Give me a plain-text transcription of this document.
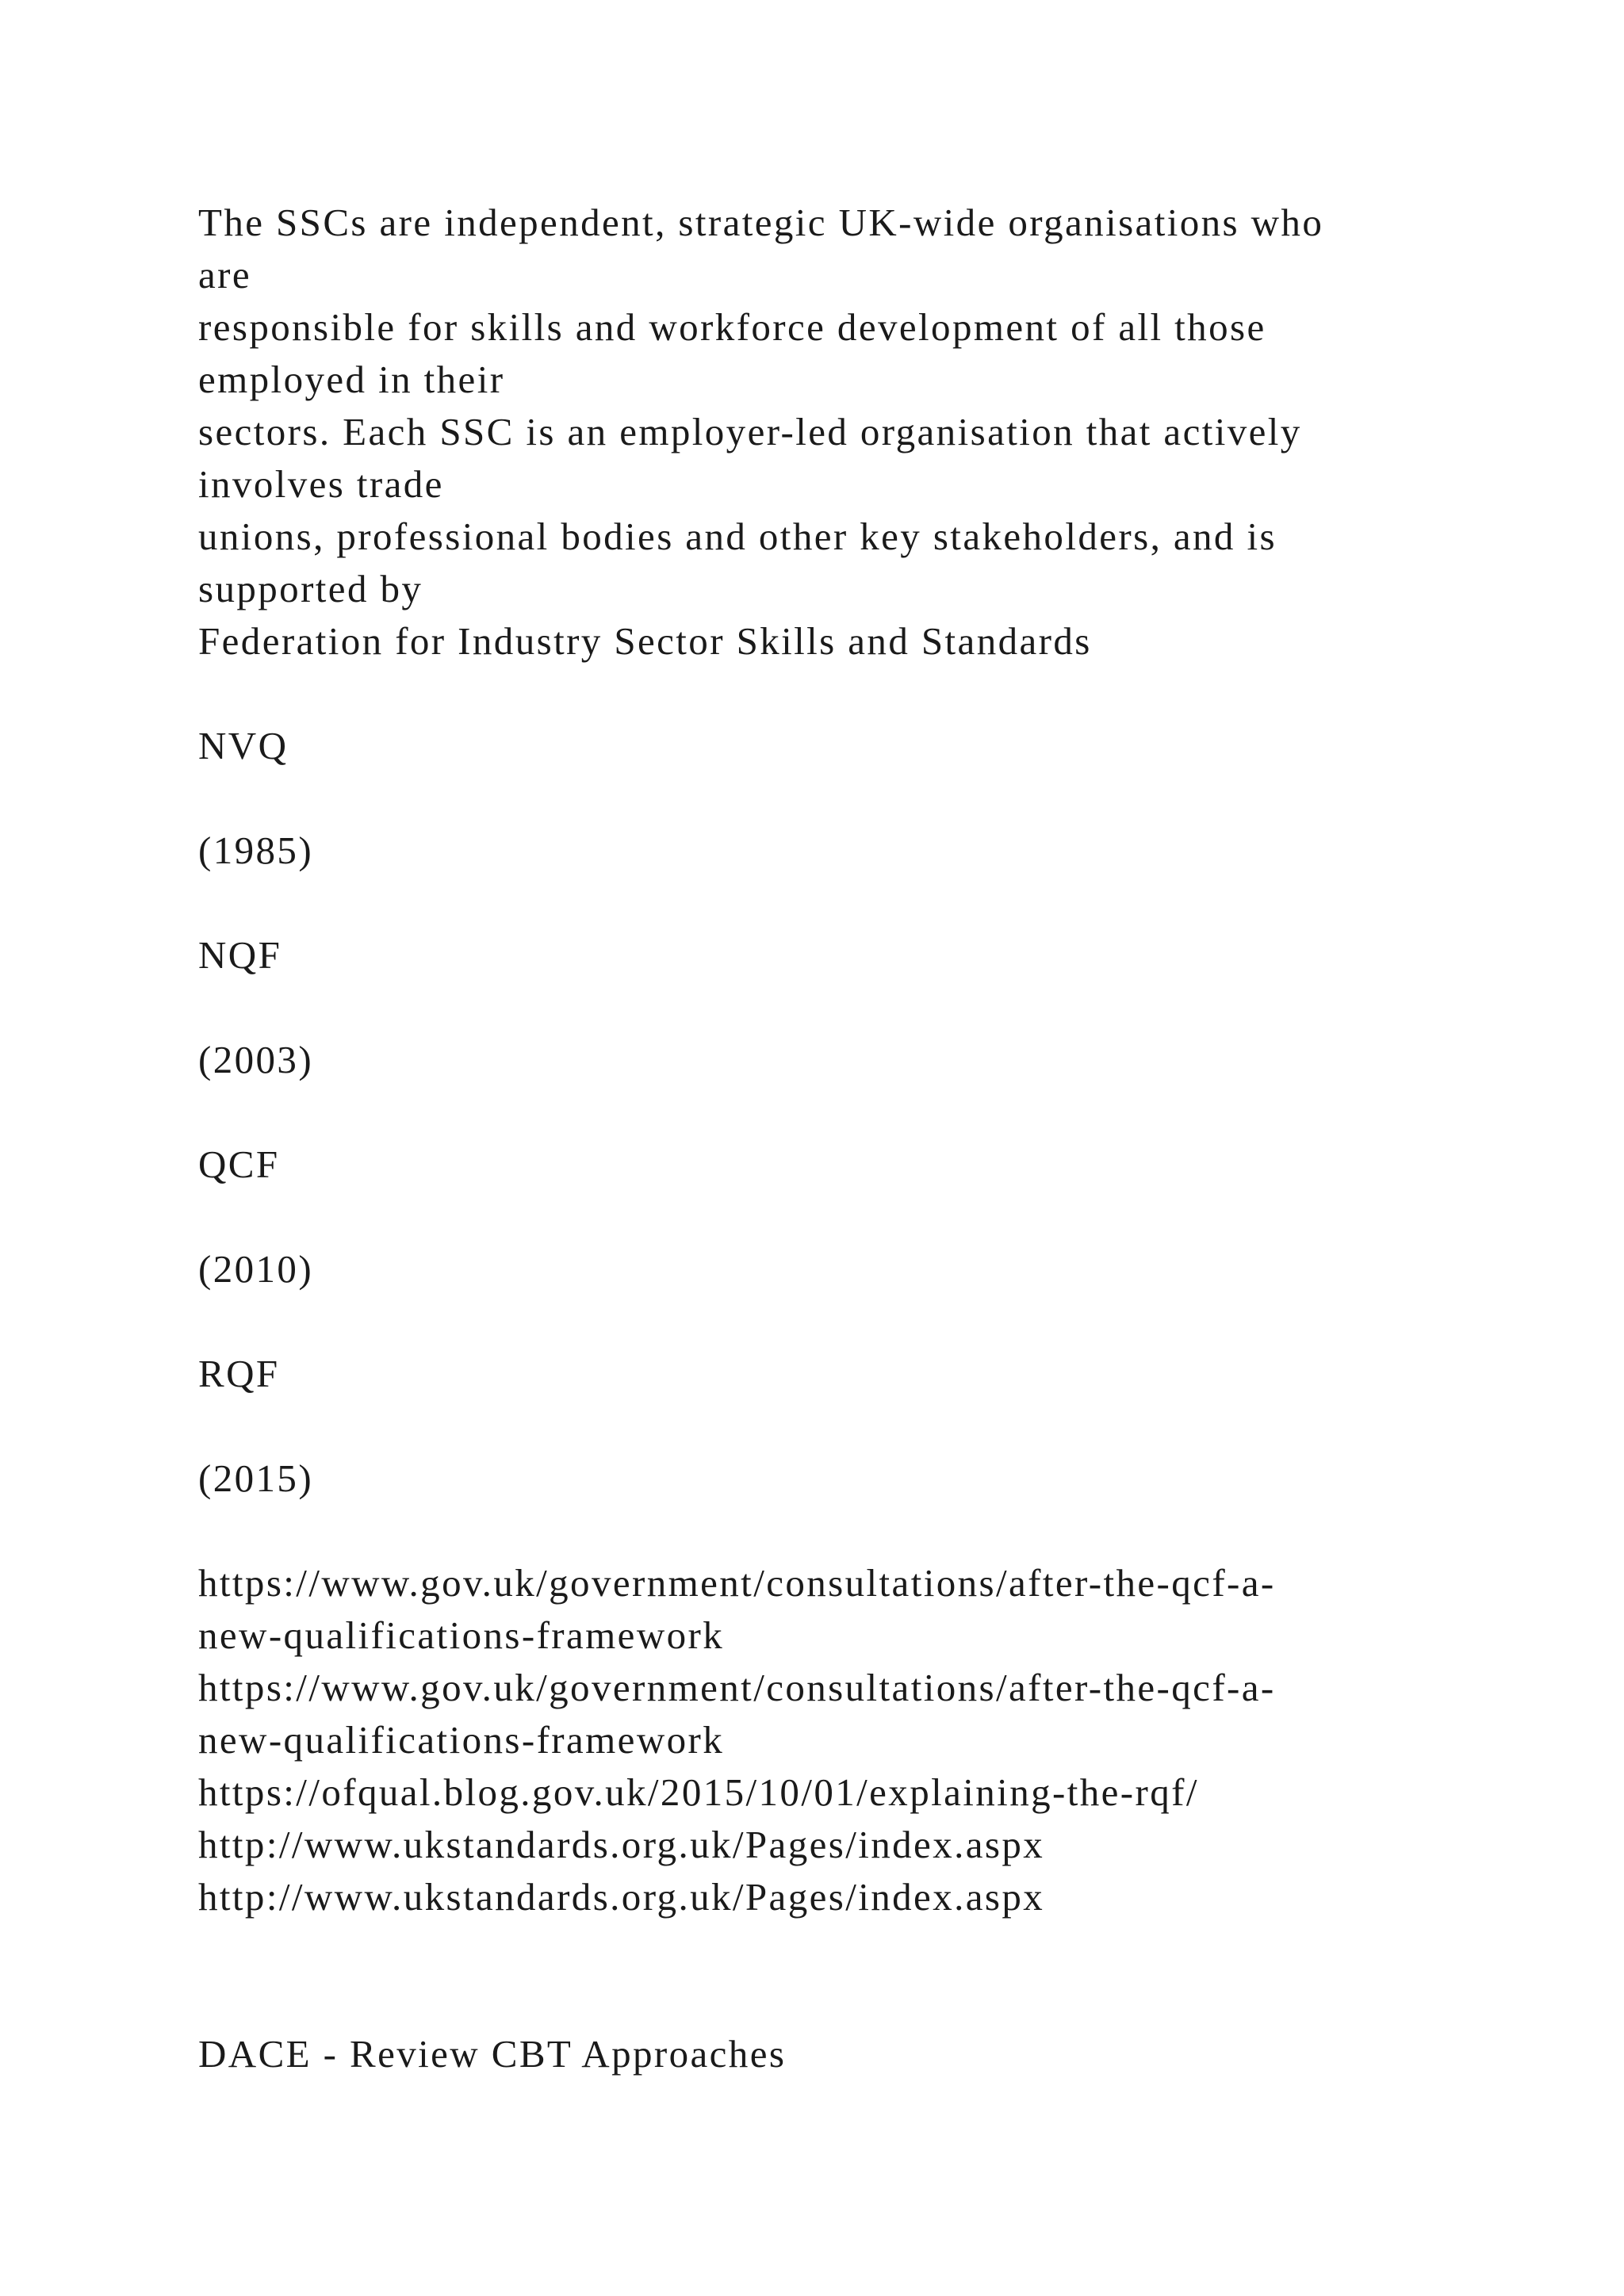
The SSCs are independent, strategic UK-wide organisations who
are
responsible for skills and workforce development of all those
employed in their
sectors. Each SSC is an employer-led organisation that actively
involves trade
unions, professional bodies and other key stakeholders, and is
supported by
Federation for Industry Sector Skills and Standards
NVQ
(1985)
NQF
(2003)
QCF
(2010)
RQF
(2015)
https://www.gov.uk/government/consultations/after-the-qcf-a-
new-qualifications-framework
https://www.gov.uk/government/consultations/after-the-qcf-a-
new-qualifications-framework
https://ofqual.blog.gov.uk/2015/10/01/explaining-the-rqf/
http://www.ukstandards.org.uk/Pages/index.aspx
http://www.ukstandards.org.uk/Pages/index.aspx
DACE - Review CBT Approaches
